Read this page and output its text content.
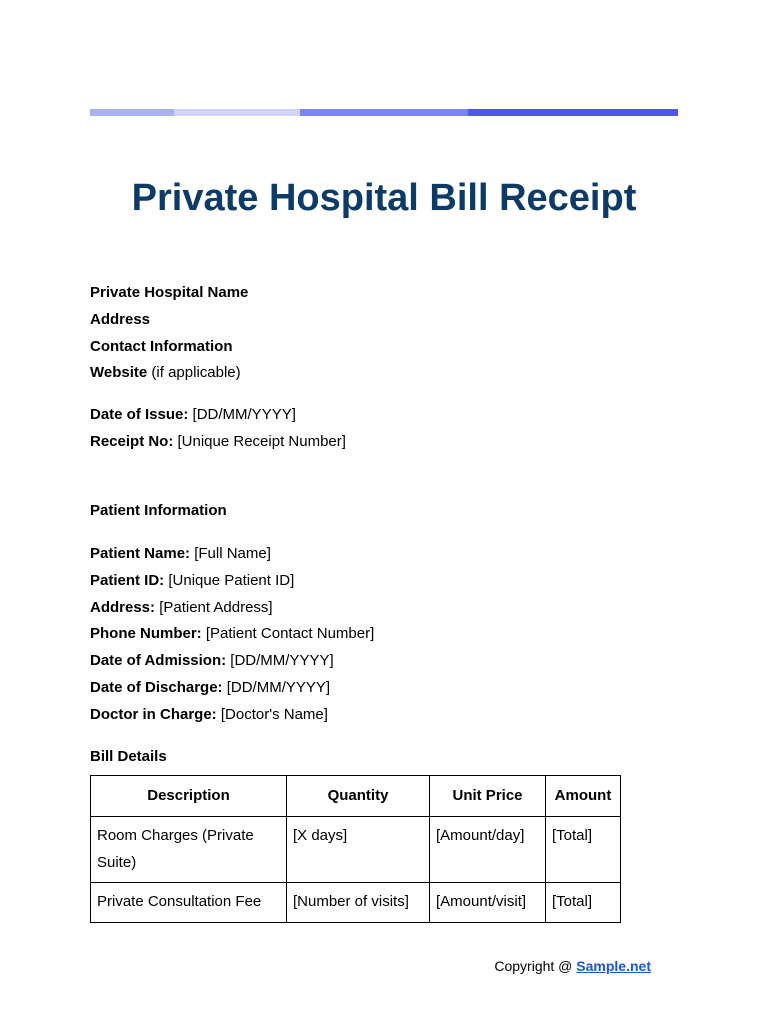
Private Hospital Bill Receipt
Private Hospital Name
Address
Contact Information
Website (if applicable)
Date of Issue: [DD/MM/YYYY]
Receipt No: [Unique Receipt Number]
Patient Information
Patient Name: [Full Name]
Patient ID: [Unique Patient ID]
Address: [Patient Address]
Phone Number: [Patient Contact Number]
Date of Admission: [DD/MM/YYYY]
Date of Discharge: [DD/MM/YYYY]
Doctor in Charge: [Doctor's Name]
Bill Details
Description	Quantity	Unit Price	Amount
Room Charges (Private Suite)	[X days]	[Amount/day]	[Total]
Private Consultation Fee	[Number of visits]	[Amount/visit]	[Total]
Copyright @ Sample.net
